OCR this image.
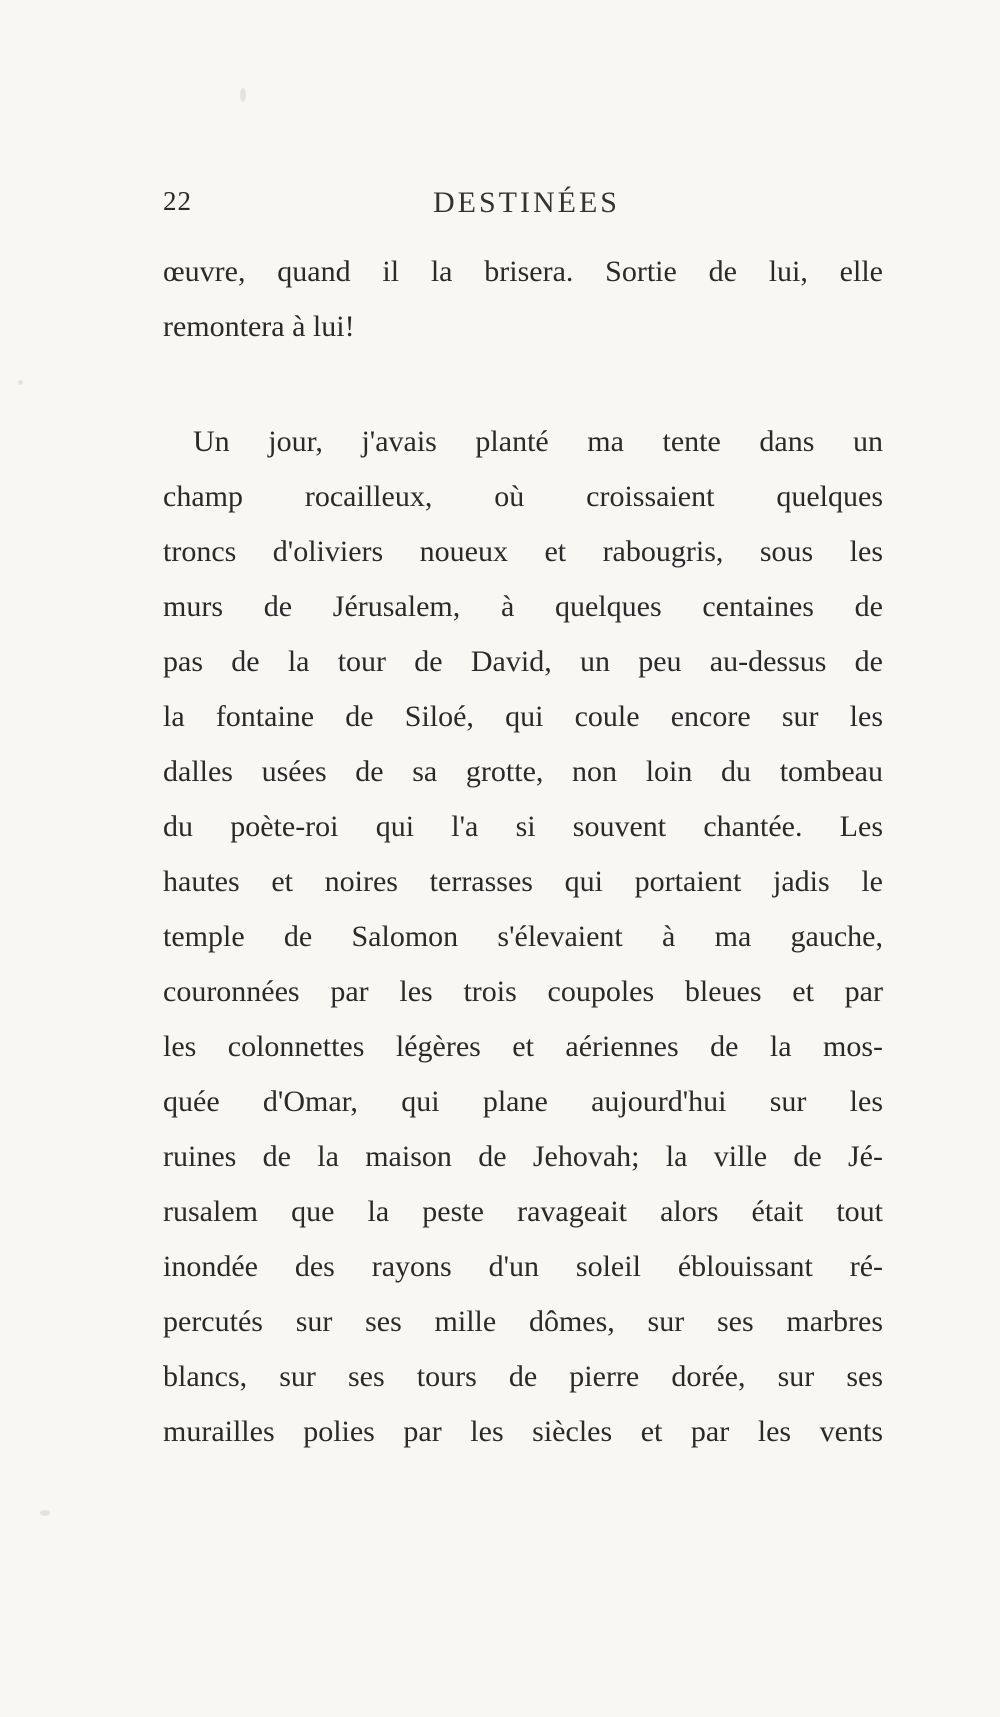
22	DESTINÉES
œuvre, quand il la brisera. Sortie de lui, elle
remontera à lui!
Un jour, j'avais planté ma tente dans un
champ rocailleux, où croissaient quelques
troncs d'oliviers noueux et rabougris, sous les
murs de Jérusalem, à quelques centaines de
pas de la tour de David, un peu au-dessus de
la fontaine de Siloé, qui coule encore sur les
dalles usées de sa grotte, non loin du tombeau
du poète-roi qui l'a si souvent chantée. Les
hautes et noires terrasses qui portaient jadis le
temple de Salomon s'élevaient à ma gauche,
couronnées par les trois coupoles bleues et par
les colonnettes légères et aériennes de la mos-
quée d'Omar, qui plane aujourd'hui sur les
ruines de la maison de Jehovah; la ville de Jé-
rusalem que la peste ravageait alors était tout
inondée des rayons d'un soleil éblouissant ré-
percutés sur ses mille dômes, sur ses marbres
blancs, sur ses tours de pierre dorée, sur ses
murailles polies par les siècles et par les vents
